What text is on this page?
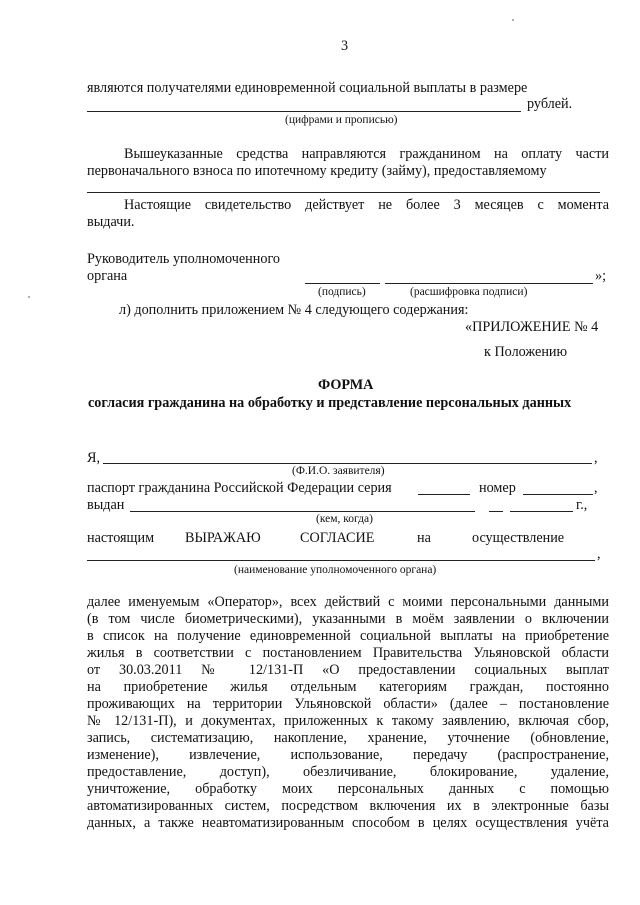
3
являются получателями единовременной социальной выплаты в размере
рублей.
(цифрами и прописью)
Вышеуказанные средства направляются гражданином на оплату части
первоначального взноса по ипотечному кредиту (займу), предоставляемому
Настоящие свидетельство действует не более 3 месяцев с момента
выдачи.
Руководитель уполномоченного
органа	»;
(подпись)	(расшифровка подписи)
л) дополнить приложением № 4 следующего содержания:
«ПРИЛОЖЕНИЕ № 4
к Положению
ФОРМА
согласия гражданина на обработку и представление персональных данных
Я,	,
(Ф.И.О. заявителя)
паспорт гражданина Российской Федерации серия	номер	,
выдан	г.,
(кем, когда)
настоящим ВЫРАЖАЮ	СОГЛАСИЕ	на	осуществление
,
(наименование уполномоченного органа)
далее именуемым «Оператор», всех действий с моими персональными данными
(в том числе биометрическими), указанными в моём заявлении о включении
в список на получение единовременной социальной выплаты на приобретение
жилья в соответствии с постановлением Правительства Ульяновской области
от 30.03.2011 № 12/131-П «О предоставлении социальных выплат
на приобретение жилья отдельным категориям граждан, постоянно
проживающих на территории Ульяновской области» (далее – постановление
№ 12/131-П), и документах, приложенных к такому заявлению, включая сбор,
запись, систематизацию, накопление, хранение, уточнение (обновление,
изменение), извлечение, использование, передачу (распространение,
предоставление, доступ), обезличивание, блокирование, удаление,
уничтожение, обработку моих персональных данных с помощью
автоматизированных систем, посредством включения их в электронные базы
данных, а также неавтоматизированным способом в целях осуществления учёта
